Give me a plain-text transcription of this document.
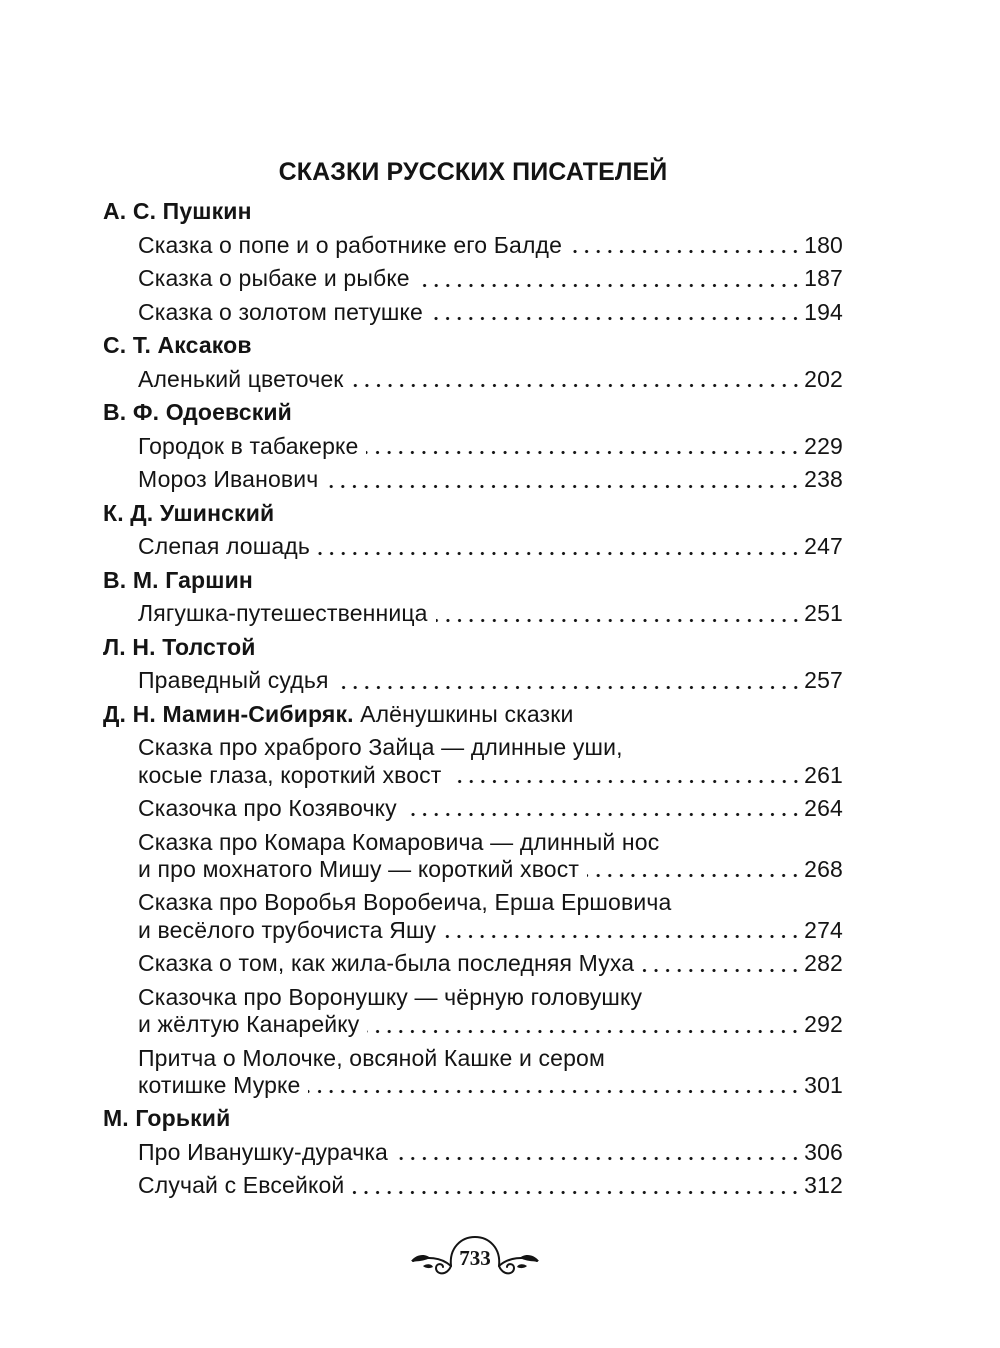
СКАЗКИ РУССКИХ ПИСАТЕЛЕЙ
А. С. Пушкин
Сказка о попе и о работнике его Балде	180
Сказка о рыбаке и рыбке	187
Сказка о золотом петушке	194
С. Т. Аксаков
Аленький цветочек	202
В. Ф. Одоевский
Городок в табакерке	229
Мороз Иванович	238
К. Д. Ушинский
Слепая лошадь	247
В. М. Гаршин
Лягушка-путешественница	251
Л. Н. Толстой
Праведный судья	257
Д. Н. Мамин-Сибиряк. Алёнушкины сказки
Сказка про храброго Зайца — длинные уши,
косые глаза, короткий хвост	261
Сказочка про Козявочку	264
Сказка про Комара Комаровича — длинный нос
и про мохнатого Мишу — короткий хвост	268
Сказка про Воробья Воробеича, Ерша Ершовича
и весёлого трубочиста Яшу	274
Сказка о том, как жила-была последняя Муха	282
Сказочка про Воронушку — чёрную головушку
и жёлтую Канарейку	292
Притча о Молочке, овсяной Кашке и сером
котишке Мурке	301
М. Горький
Про Иванушку-дурачка	306
Случай с Евсейкой	312
733
